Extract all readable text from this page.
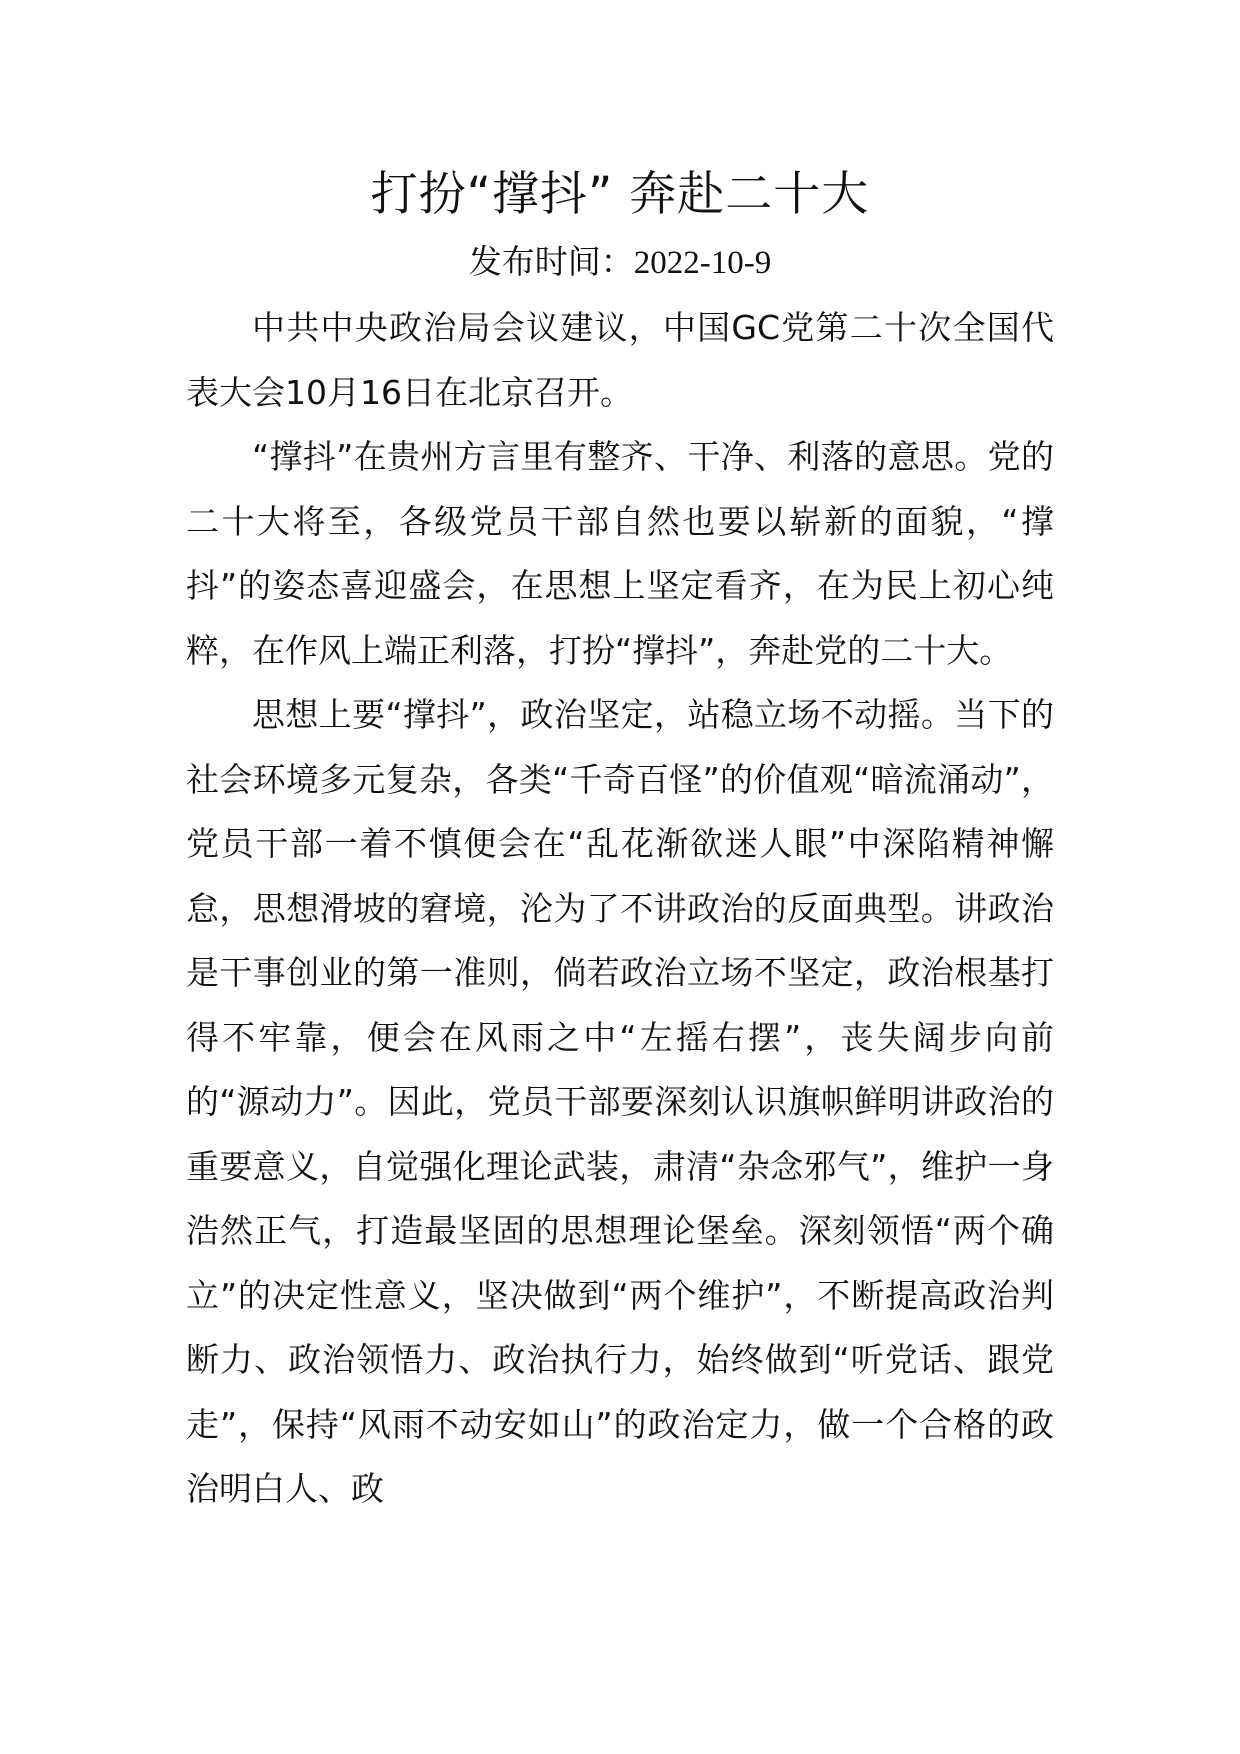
打扮“撑抖” 奔赴二十大
发布时间：2022-10-9

中共中央政治局会议建议，中国GC党第二十次全国代表大会10月16日在北京召开。

“撑抖”在贵州方言里有整齐、干净、利落的意思。党的二十大将至，各级党员干部自然也要以崭新的面貌，“撑抖”的姿态喜迎盛会，在思想上坚定看齐，在为民上初心纯粹，在作风上端正利落，打扮“撑抖”，奔赴党的二十大。

思想上要“撑抖”，政治坚定，站稳立场不动摇。当下的社会环境多元复杂，各类“千奇百怪”的价值观“暗流涌动”，党员干部一着不慎便会在“乱花渐欲迷人眼”中深陷精神懈怠，思想滑坡的窘境，沦为了不讲政治的反面典型。讲政治是干事创业的第一准则，倘若政治立场不坚定，政治根基打得不牢靠，便会在风雨之中“左摇右摆”，丧失阔步向前的“源动力”。因此，党员干部要深刻认识旗帜鲜明讲政治的重要意义，自觉强化理论武装，肃清“杂念邪气”，维护一身浩然正气，打造最坚固的思想理论堡垒。深刻领悟“两个确立”的决定性意义，坚决做到“两个维护”，不断提高政治判断力、政治领悟力、政治执行力，始终做到“听党话、跟党走”，保持“风雨不动安如山”的政治定力，做一个合格的政治明白人、政
